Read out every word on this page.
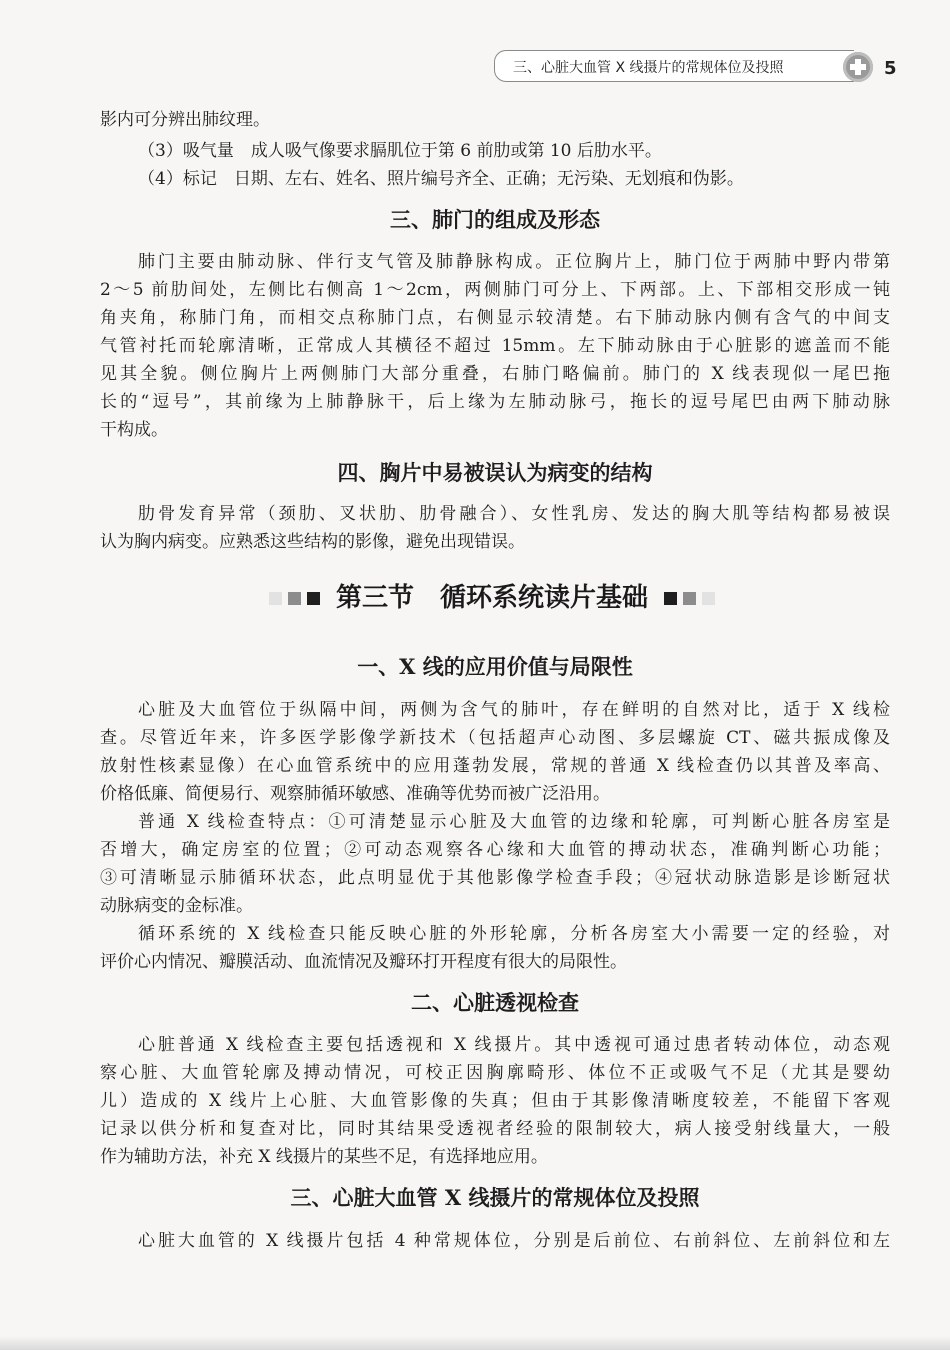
三、心脏大血管 X 线摄片的常规体位及投照	5
影内可分辨出肺纹理。
（3）吸气量　成人吸气像要求膈肌位于第 6 前肋或第 10 后肋水平。
（4）标记　日期、左右、姓名、照片编号齐全、正确；无污染、无划痕和伪影。
三、肺门的组成及形态
肺门主要由肺动脉、伴行支气管及肺静脉构成。正位胸片上，肺门位于两肺中野内带第
2～5 前肋间处，左侧比右侧高 1～2cm，两侧肺门可分上、下两部。上、下部相交形成一钝
角夹角，称肺门角，而相交点称肺门点，右侧显示较清楚。右下肺动脉内侧有含气的中间支
气管衬托而轮廓清晰，正常成人其横径不超过 15mm。左下肺动脉由于心脏影的遮盖而不能
见其全貌。侧位胸片上两侧肺门大部分重叠，右肺门略偏前。肺门的 X 线表现似一尾巴拖
长的“逗号”，其前缘为上肺静脉干，后上缘为左肺动脉弓，拖长的逗号尾巴由两下肺动脉
干构成。
四、胸片中易被误认为病变的结构
肋骨发育异常（颈肋、叉状肋、肋骨融合）、女性乳房、发达的胸大肌等结构都易被误
认为胸内病变。应熟悉这些结构的影像，避免出现错误。
第三节　循环系统读片基础
一、X 线的应用价值与局限性
心脏及大血管位于纵隔中间，两侧为含气的肺叶，存在鲜明的自然对比，适于 X 线检
查。尽管近年来，许多医学影像学新技术（包括超声心动图、多层螺旋 CT、磁共振成像及
放射性核素显像）在心血管系统中的应用蓬勃发展，常规的普通 X 线检查仍以其普及率高、
价格低廉、简便易行、观察肺循环敏感、准确等优势而被广泛沿用。
普通 X 线检查特点：①可清楚显示心脏及大血管的边缘和轮廓，可判断心脏各房室是
否增大，确定房室的位置；②可动态观察各心缘和大血管的搏动状态，准确判断心功能；
③可清晰显示肺循环状态，此点明显优于其他影像学检查手段；④冠状动脉造影是诊断冠状
动脉病变的金标准。
循环系统的 X 线检查只能反映心脏的外形轮廓，分析各房室大小需要一定的经验，对
评价心内情况、瓣膜活动、血流情况及瓣环打开程度有很大的局限性。
二、心脏透视检查
心脏普通 X 线检查主要包括透视和 X 线摄片。其中透视可通过患者转动体位，动态观
察心脏、大血管轮廓及搏动情况，可校正因胸廓畸形、体位不正或吸气不足（尤其是婴幼
儿）造成的 X 线片上心脏、大血管影像的失真；但由于其影像清晰度较差，不能留下客观
记录以供分析和复查对比，同时其结果受透视者经验的限制较大，病人接受射线量大，一般
作为辅助方法，补充 X 线摄片的某些不足，有选择地应用。
三、心脏大血管 X 线摄片的常规体位及投照
心脏大血管的 X 线摄片包括 4 种常规体位，分别是后前位、右前斜位、左前斜位和左
